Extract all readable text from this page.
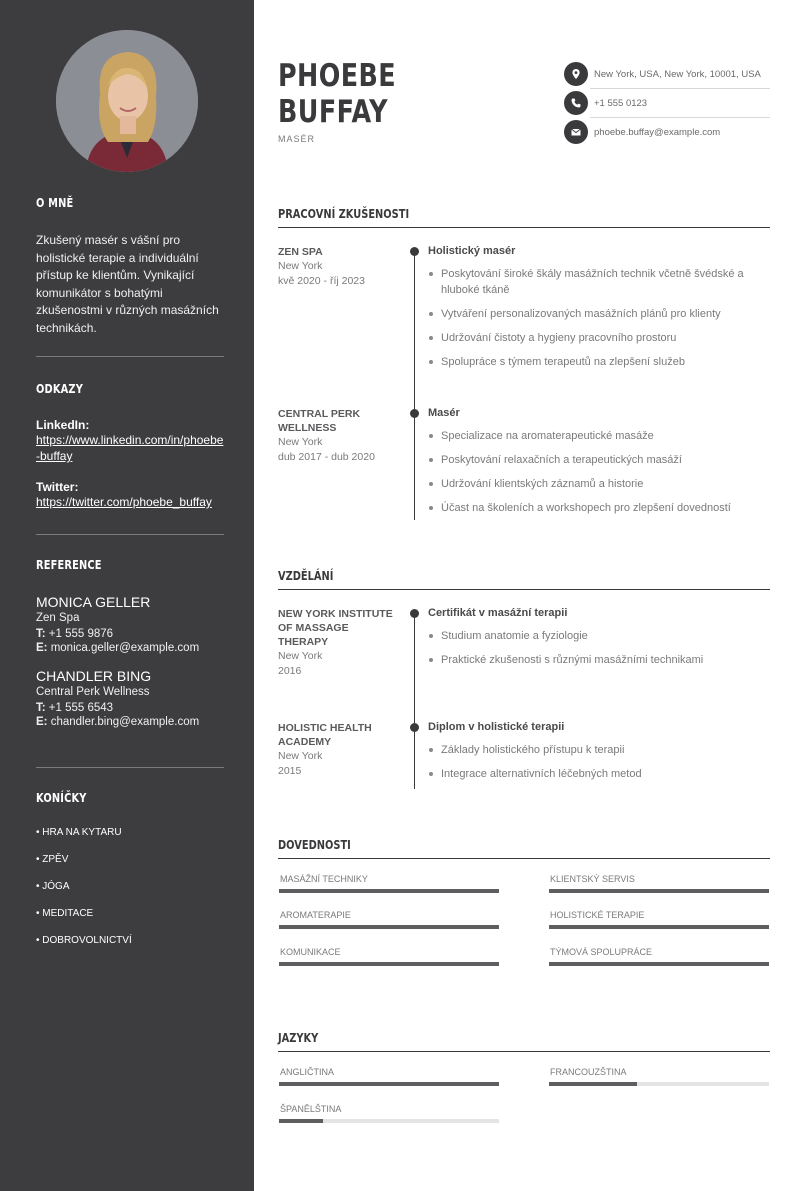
O MNĚ

Zkušený masér s vášní pro holistické terapie a individuální přístup ke klientům. Vynikající komunikátor s bohatými zkušenostmi v různých masážních technikách.

ODKAZY
LinkedIn:
https://www.linkedin.com/in/phoebe-buffay
Twitter:
https://twitter.com/phoebe_buffay
REFERENCE
MONICA GELLER
Zen Spa
T: +1 555 9876
E: monica.geller@example.com
CHANDLER BING
Central Perk Wellness
T: +1 555 6543
E: chandler.bing@example.com
KONÍČKY
• HRA NA KYTARU
• ZPĚV
• JÓGA
• MEDITACE
• DOBROVOLNICTVÍ
PHOEBE
BUFFAY
MASÉR
New York, USA, New York, 10001, USA
+1 555 0123
phoebe.buffay@example.com
PRACOVNÍ ZKUŠENOSTI
ZEN SPA
New York
kvě 2020 - říj 2023
Holistický masér
Poskytování široké škály masážních technik včetně švédské a hluboké tkáně
Vytváření personalizovaných masážních plánů pro klienty
Udržování čistoty a hygieny pracovního prostoru
Spolupráce s týmem terapeutů na zlepšení služeb
CENTRAL PERK WELLNESS
New York
dub 2017 - dub 2020
Masér
Specializace na aromaterapeutické masáže
Poskytování relaxačních a terapeutických masáží
Udržování klientských záznamů a historie
Účast na školeních a workshopech pro zlepšení dovedností
VZDĚLÁNÍ
NEW YORK INSTITUTE OF MASSAGE THERAPY
New York
2016
Certifikát v masážní terapii
Studium anatomie a fyziologie
Praktické zkušenosti s různými masážními technikami
HOLISTIC HEALTH ACADEMY
New York
2015
Diplom v holistické terapii
Základy holistického přístupu k terapii
Integrace alternativních léčebných metod
DOVEDNOSTI
MASÁŽNÍ TECHNIKY	KLIENTSKÝ SERVIS
AROMATERAPIE	HOLISTICKÉ TERAPIE
KOMUNIKACE	TÝMOVÁ SPOLUPRÁCE
JAZYKY
ANGLIČTINA	FRANCOUZŠTINA
ŠPANĚLŠTINA
